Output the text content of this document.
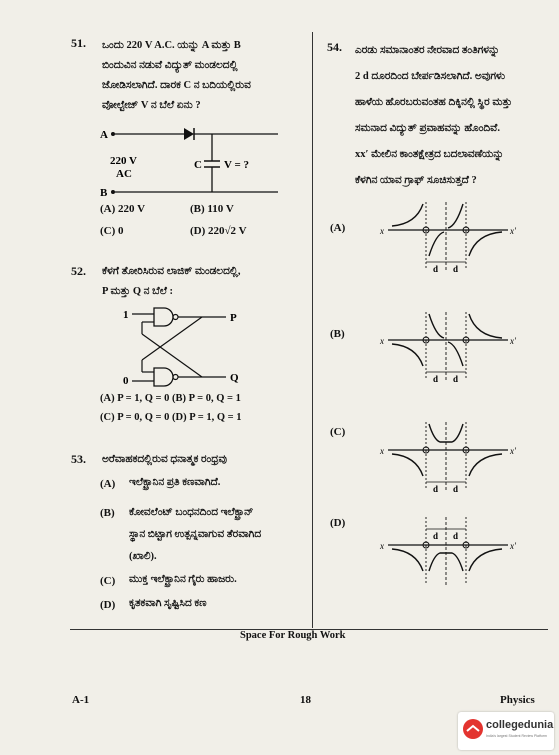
51. ಒಂದು 220 V A.C. ಯನ್ನು A ಮತ್ತು B
ಬಿಂದುವಿನ ನಡುವೆ ವಿದ್ಯುತ್ ಮಂಡಲದಲ್ಲಿ
ಜೋಡಿಸಲಾಗಿದೆ. ದಾರಕ C ನ ಬದಿಯಲ್ಲಿರುವ
ವೋಲ್ಟೇಜ್ V ನ ಬೆಲೆ ಏನು ?
A
C V = ?
220 V
AC
B
(A) 220 V	(B) 110 V
(C) 0	(D) 220√2 V
52. ಕೆಳಗೆ ತೋರಿಸಿರುವ ಲಾಜಿಕ್ ಮಂಡಲದಲ್ಲಿ,
P ಮತ್ತು Q ನ ಬೆಲೆ :
1
0
P
Q
(A) P = 1, Q = 0 (B) P = 0, Q = 1
(C) P = 0, Q = 0 (D) P = 1, Q = 1
53. ಅರೆವಾಹಕದಲ್ಲಿರುವ ಧನಾತ್ಮಕ ರಂಧ್ರವು
(A) ಇಲೆಕ್ಟ್ರಾನಿನ ಪ್ರತಿ ಕಣವಾಗಿದೆ.
(B) ಕೋವಲೆಂಟ್ ಬಂಧನದಿಂದ ಇಲೆಕ್ಟ್ರಾನ್
ಸ್ಥಾನ ಬಿಟ್ಟಾಗ ಉತ್ಪನ್ನವಾಗುವ ತೆರವಾಗಿದ
(ಖಾಲಿ).
(C) ಮುಕ್ತ ಇಲೆಕ್ಟ್ರಾನಿನ ಗೈರು ಹಾಜರು.
(D) ಕೃತಕವಾಗಿ ಸೃಷ್ಟಿಸಿದ ಕಣ
54. ಎರಡು ಸಮಾನಾಂತರ ನೇರವಾದ ತಂತಿಗಳನ್ನು
2 d ದೂರದಿಂದ ಬೇರ್ಪಡಿಸಲಾಗಿದೆ. ಅವುಗಳು
ಹಾಳೆಯ ಹೊರಬರುವಂತಹ ದಿಕ್ಕಿನಲ್ಲಿ ಸ್ಥಿರ ಮತ್ತು
ಸಮನಾದ ವಿದ್ಯುತ್ ಪ್ರವಾಹವನ್ನು ಹೊಂದಿವೆ.
xx′ ಮೇಲಿನ ಕಾಂತಕ್ಷೇತ್ರದ ಬದಲಾವಣೆಯನ್ನು
ಕೆಳಗಿನ ಯಾವ ಗ್ರಾಫ್ ಸೂಚಿಸುತ್ತದೆ ?
(A)	x	x′
d d
(B)
x	x′
d d
(C)
x	x′
d d
(D)
x	x′
d d
Space For Rough Work
A-1	18	Physics
collegedunia
India's largest Student Review Platform
